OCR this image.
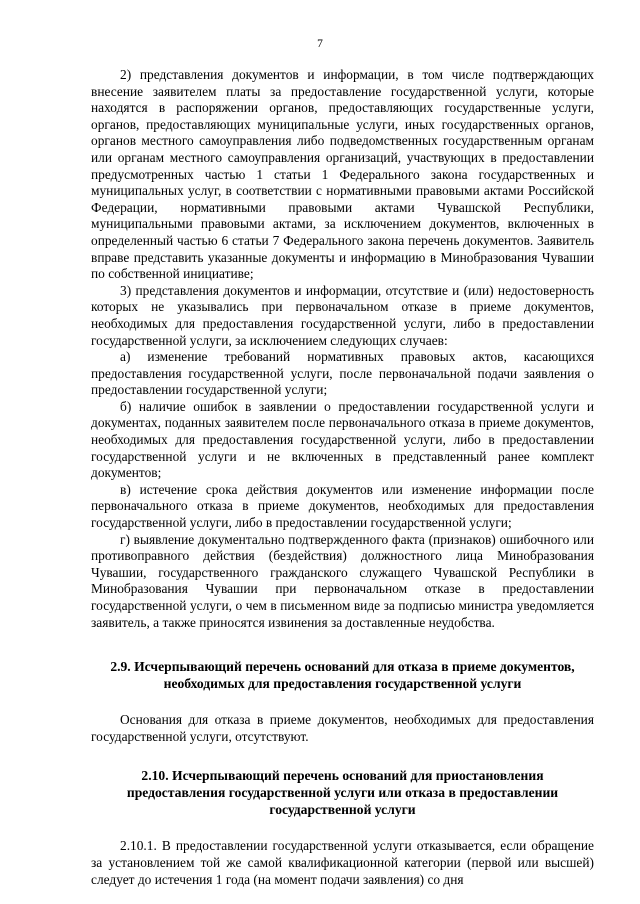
7

2) представления документов и информации, в том числе подтверждающих внесение заявителем платы за предоставление государственной услуги, которые находятся в распоряжении органов, предоставляющих государственные услуги, органов, предоставляющих муниципальные услуги, иных государственных органов, органов местного самоуправления либо подведомственных государственным органам или органам местного самоуправления организаций, участвующих в предоставлении предусмотренных частью 1 статьи 1 Федерального закона государственных и муниципальных услуг, в соответствии с нормативными правовыми актами Российской Федерации, нормативными правовыми актами Чувашской Республики, муниципальными правовыми актами, за исключением документов, включенных в определенный частью 6 статьи 7 Федерального закона перечень документов. Заявитель вправе представить указанные документы и информацию в Минобразования Чувашии по собственной инициативе;

3) представления документов и информации, отсутствие и (или) недостоверность которых не указывались при первоначальном отказе в приеме документов, необходимых для предоставления государственной услуги, либо в предоставлении государственной услуги, за исключением следующих случаев:

а) изменение требований нормативных правовых актов, касающихся предоставления государственной услуги, после первоначальной подачи заявления о предоставлении государственной услуги;

б) наличие ошибок в заявлении о предоставлении государственной услуги и документах, поданных заявителем после первоначального отказа в приеме документов, необходимых для предоставления государственной услуги, либо в предоставлении государственной услуги и не включенных в представленный ранее комплект документов;

в) истечение срока действия документов или изменение информации после первоначального отказа в приеме документов, необходимых для предоставления государственной услуги, либо в предоставлении государственной услуги;

г) выявление документально подтвержденного факта (признаков) ошибочного или противоправного действия (бездействия) должностного лица Минобразования Чувашии, государственного гражданского служащего Чувашской Республики в Минобразования Чувашии при первоначальном отказе в предоставлении государственной услуги, о чем в письменном виде за подписью министра уведомляется заявитель, а также приносятся извинения за доставленные неудобства.

2.9. Исчерпывающий перечень оснований для отказа в приеме документов, необходимых для предоставления государственной услуги

Основания для отказа в приеме документов, необходимых для предоставления государственной услуги, отсутствуют.

2.10. Исчерпывающий перечень оснований для приостановления предоставления государственной услуги или отказа в предоставлении государственной услуги

2.10.1. В предоставлении государственной услуги отказывается, если обращение за установлением той же самой квалификационной категории (первой или высшей) следует до истечения 1 года (на момент подачи заявления) со дня
